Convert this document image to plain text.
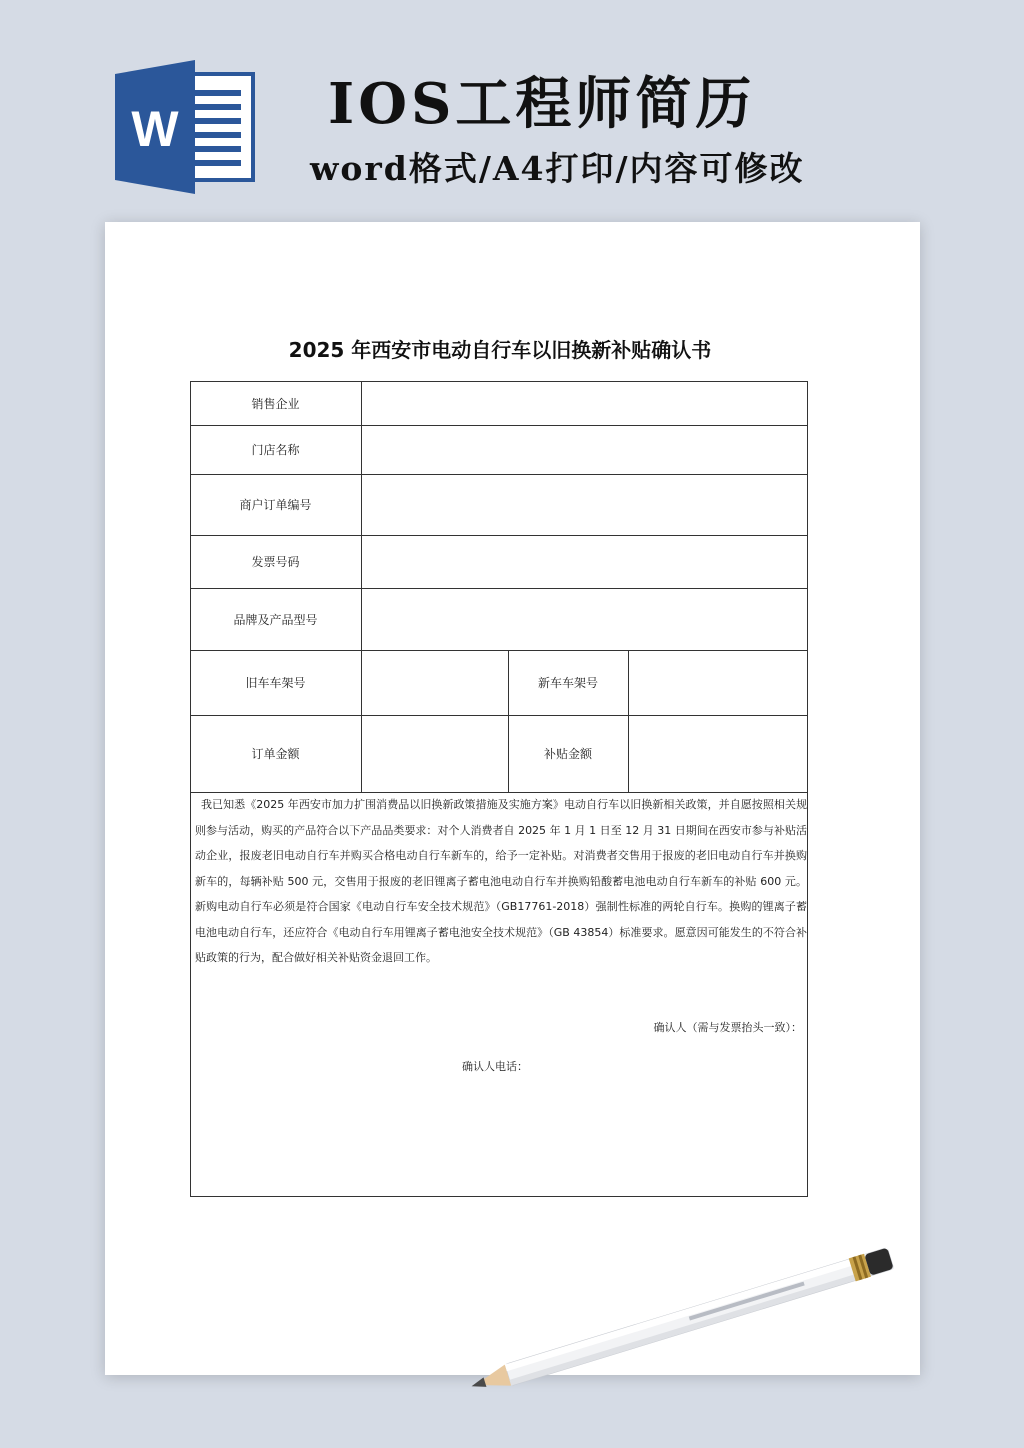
W	IOS工程师简历
word格式/A4打印/内容可修改
2025 年西安市电动自行车以旧换新补贴确认书
销售企业
门店名称
商户订单编号
发票号码
品牌及产品型号
旧车车架号	新车车架号
订单金额	补贴金额

我已知悉《2025 年西安市加力扩围消费品以旧换新政策措施及实施方案》电动自行车以旧换新相关政策，并自愿按照相关规则参与活动，购买的产品符合以下产品品类要求：对个人消费者自 2025 年 1 月 1 日至 12 月 31 日期间在西安市参与补贴活动企业，报废老旧电动自行车并购买合格电动自行车新车的，给予一定补贴。对消费者交售用于报废的老旧电动自行车并换购新车的，每辆补贴 500 元，交售用于报废的老旧锂离子蓄电池电动自行车并换购铅酸蓄电池电动自行车新车的补贴 600 元。新购电动自行车必须是符合国家《电动自行车安全技术规范》（GB17761-2018）强制性标准的两轮自行车。换购的锂离子蓄电池电动自行车，还应符合《电动自行车用锂离子蓄电池安全技术规范》（GB 43854）标准要求。愿意因可能发生的不符合补贴政策的行为，配合做好相关补贴资金退回工作。

确认人（需与发票抬头一致）：
确认人电话：
